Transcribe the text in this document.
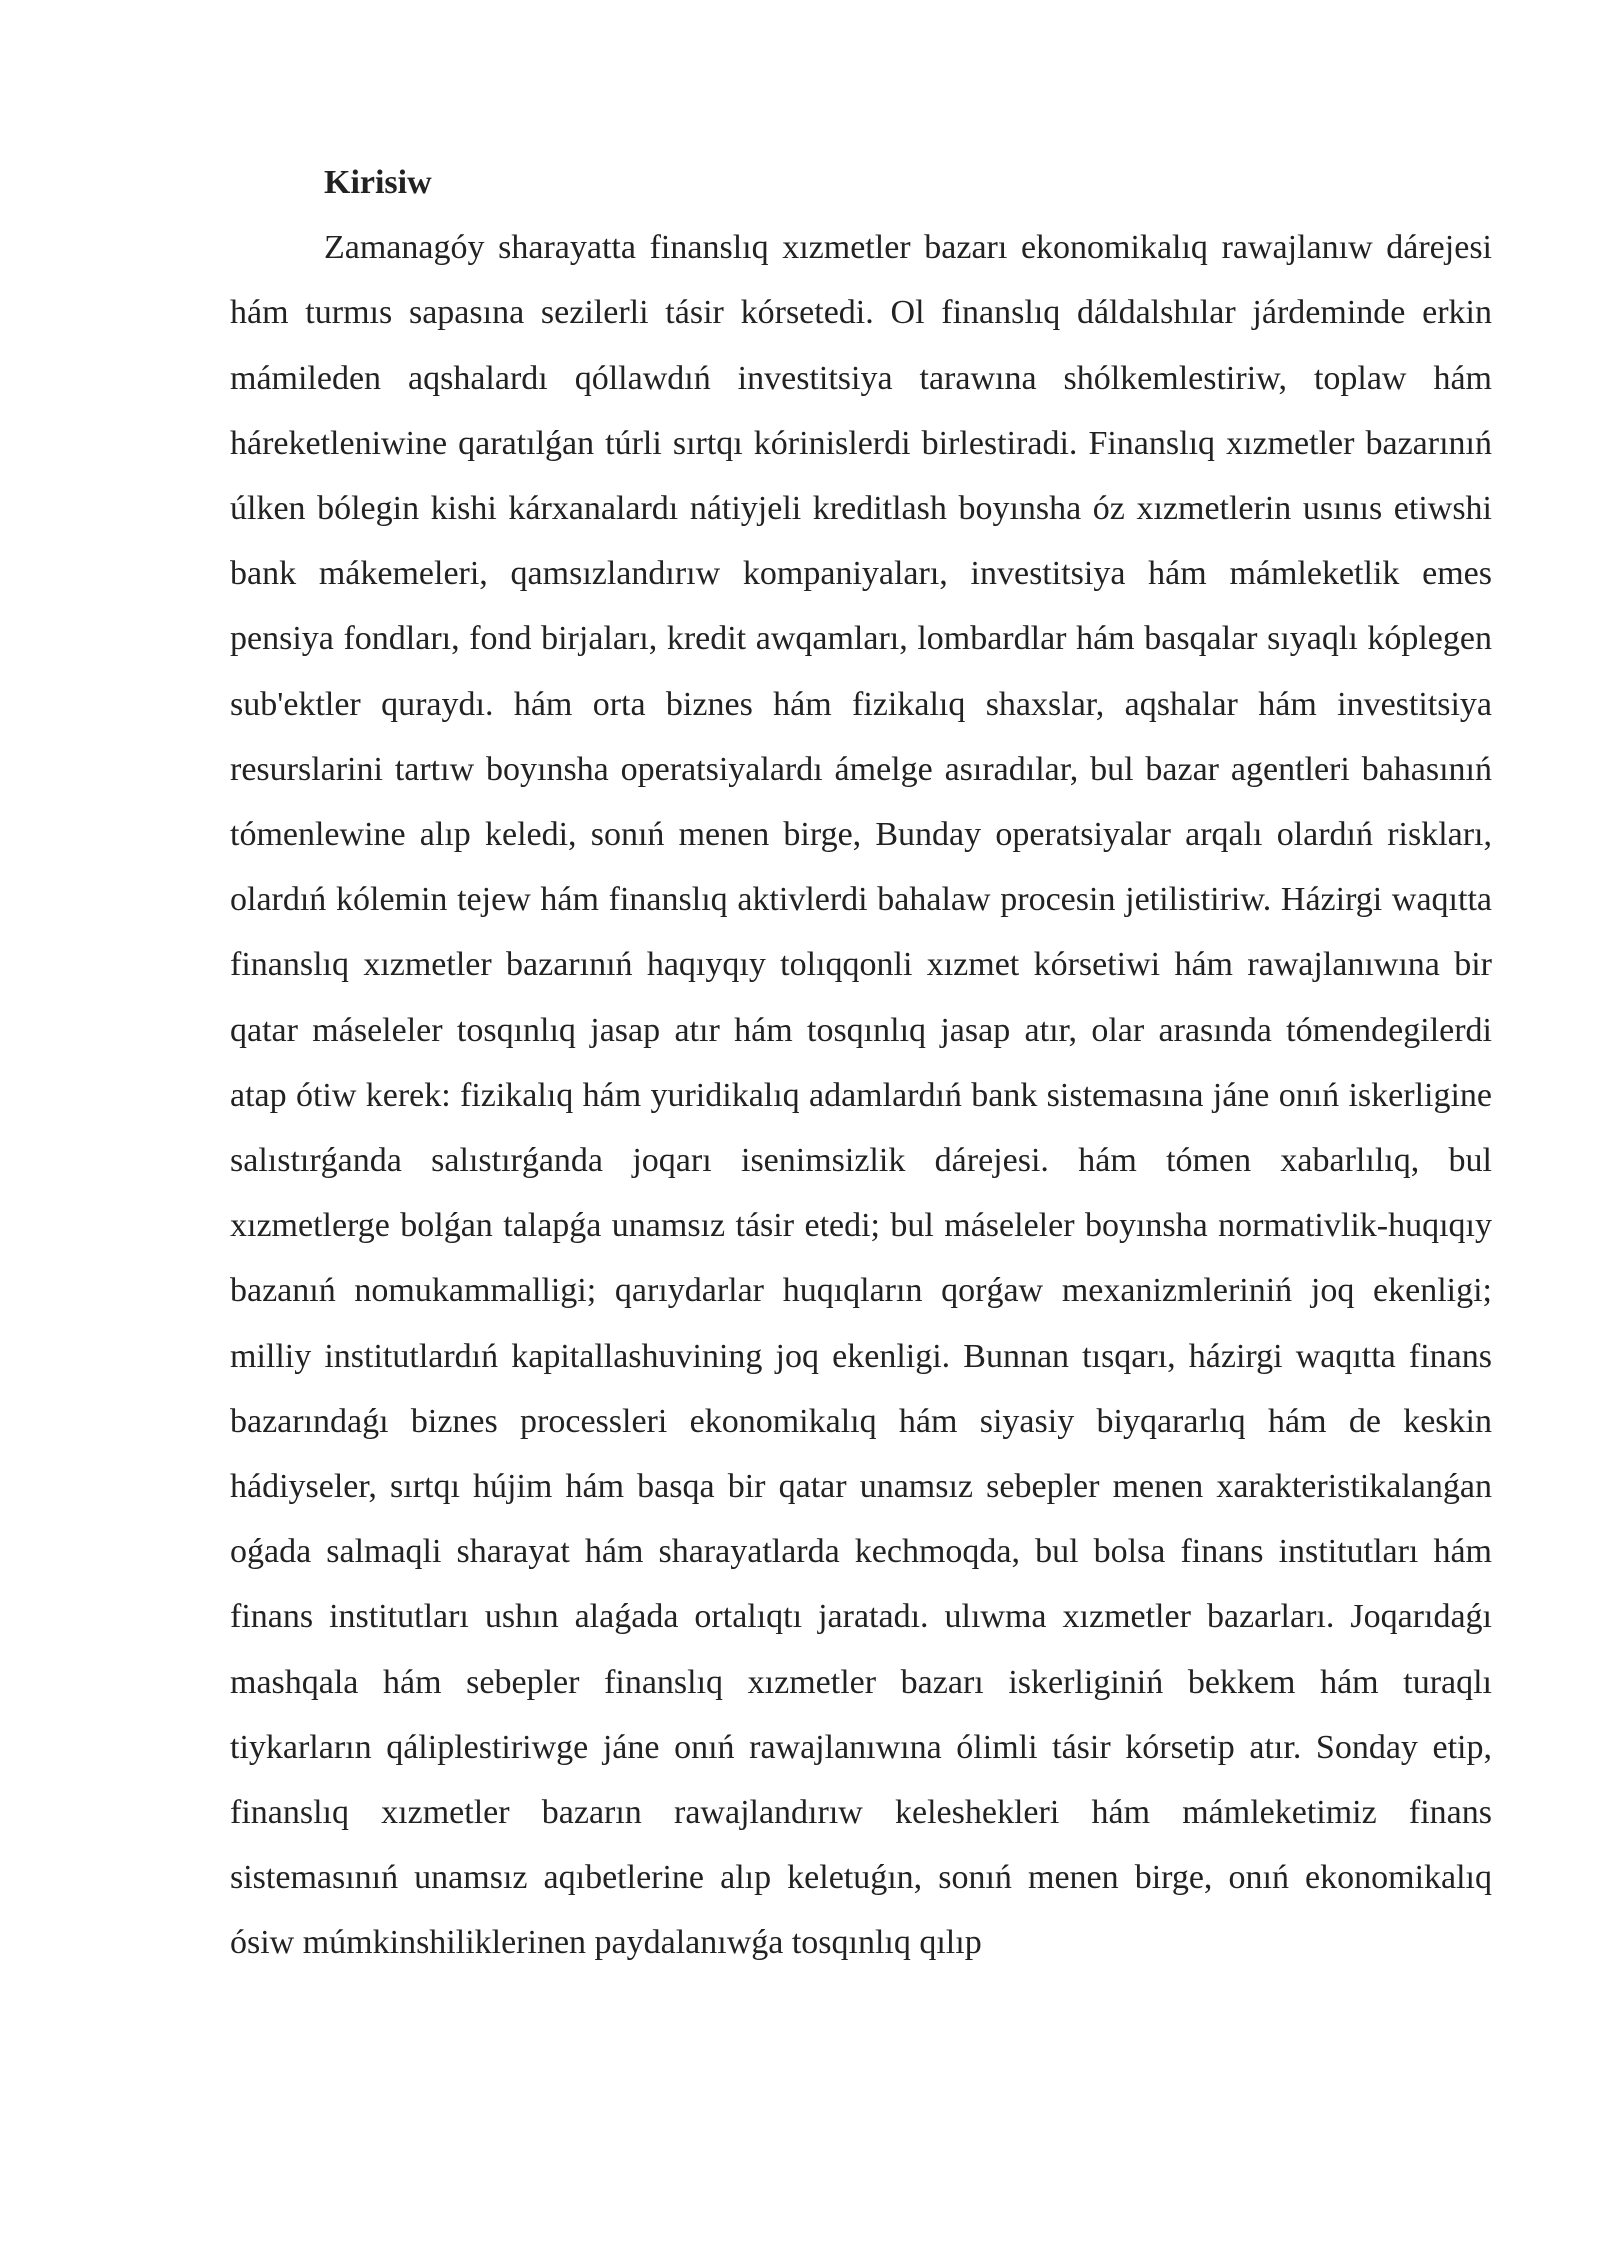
Kirisiw

Zamanagóy sharayatta finanslıq xızmetler bazarı ekonomikalıq rawajlanıw dárejesi hám turmıs sapasına sezilerli tásir kórsetedi. Ol finanslıq dáldalshılar járdeminde erkin mámileden aqshalardı qóllawdıń investitsiya tarawına shólkemlestiriw, toplaw hám háreketleniwine qaratılǵan túrli sırtqı kórinislerdi birlestiradi. Finanslıq xızmetler bazarınıń úlken bólegin kishi kárxanalardı nátiyjeli kreditlash boyınsha óz xızmetlerin usınıs etiwshi bank mákemeleri, qamsızlandırıw kompaniyaları, investitsiya hám mámleketlik emes pensiya fondları, fond birjaları, kredit awqamları, lombardlar hám basqalar sıyaqlı kóplegen sub'ektler quraydı. hám orta biznes hám fizikalıq shaxslar, aqshalar hám investitsiya resurslarini tartıw boyınsha operatsiyalardı ámelge asıradılar, bul bazar agentleri bahasınıń tómenlewine alıp keledi, sonıń menen birge, Bunday operatsiyalar arqalı olardıń riskları, olardıń kólemin tejew hám finanslıq aktivlerdi bahalaw procesin jetilistiriw. Házirgi waqıtta finanslıq xızmetler bazarınıń haqıyqıy tolıqqonli xızmet kórsetiwi hám rawajlanıwına bir qatar máseleler tosqınlıq jasap atır hám tosqınlıq jasap atır, olar arasında tómendegilerdi atap ótiw kerek: fizikalıq hám yuridikalıq adamlardıń bank sistemasına jáne onıń iskerligine salıstırǵanda salıstırǵanda joqarı isenimsizlik dárejesi. hám tómen xabarlılıq, bul xızmetlerge bolǵan talapǵa unamsız tásir etedi; bul máseleler boyınsha normativlik-huqıqıy bazanıń nomukammalligi; qarıydarlar huqıqların qorǵaw mexanizmleriniń joq ekenligi; milliy institutlardıń kapitallashuvining joq ekenligi. Bunnan tısqarı, házirgi waqıtta finans bazarındaǵı biznes processleri ekonomikalıq hám siyasiy biyqararlıq hám de keskin hádiyseler, sırtqı hújim hám basqa bir qatar unamsız sebepler menen xarakteristikalanǵan oǵada salmaqli sharayat hám sharayatlarda kechmoqda, bul bolsa finans institutları hám finans institutları ushın alaǵada ortalıqtı jaratadı. ulıwma xızmetler bazarları. Joqarıdaǵı mashqala hám sebepler finanslıq xızmetler bazarı iskerliginiń bekkem hám turaqlı tiykarların qáliplestiriwge jáne onıń rawajlanıwına ólimli tásir kórsetip atır. Sonday etip, finanslıq xızmetler bazarın rawajlandırıw keleshekleri hám mámleketimiz finans sistemasınıń unamsız aqıbetlerine alıp keletuǵın, sonıń menen birge, onıń ekonomikalıq ósiw múmkinshiliklerinen paydalanıwǵa tosqınlıq qılıp
